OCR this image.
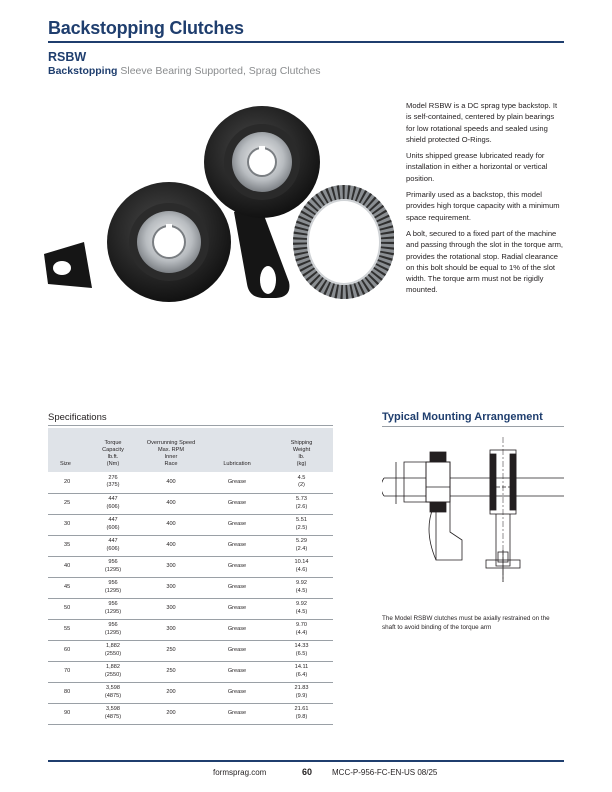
Backstopping Clutches
RSBW
Backstopping Sleeve Bearing Supported, Sprag Clutches

Model RSBW is a DC sprag type backstop. It is self-contained, centered by plain bearings for low rotational speeds and sealed using shield protected O-Rings.

Units shipped grease lubricated ready for installation in either a horizontal or vertical position.

Primarily used as a backstop, this model provides high torque capacity with a minimum space requirement.

A bolt, secured to a fixed part of the machine and passing through the slot in the torque arm, provides the rotational stop. Radial clearance on this bolt should be equal to 1% of the slot width. The torque arm must not be rigidly mounted.

Specifications
Size	Torque
Capacity
lb.ft.
(Nm)	Overrunning Speed
Max. RPM
Inner
Race	Lubrication	Shipping
Weight
lb.
(kg)

20	276
(375)	400	Grease	4.5
(2)

25	447
(606)	400	Grease	5.73
(2.6)

30	447
(606)	400	Grease	5.51
(2.5)

35	447
(606)	400	Grease	5.29
(2.4)

40	956
(1295)	300	Grease	10.14
(4.6)

45	956
(1295)	300	Grease	9.92
(4.5)

50	956
(1295)	300	Grease	9.92
(4.5)

55	956
(1295)	300	Grease	9.70
(4.4)

60	1,882
(2550)	250	Grease	14.33
(6.5)

70	1,882
(2550)	250	Grease	14.11
(6.4)

80	3,598
(4875)	200	Grease	21.83
(9.9)

90	3,598
(4875)	200	Grease	21.61
(9.8)
Typical Mounting Arrangement
The Model RSBW clutches must be axially restrained on the shaft to avoid binding of the torque arm
formsprag.com	60 MCC-P-956-FC-EN-US 08/25
